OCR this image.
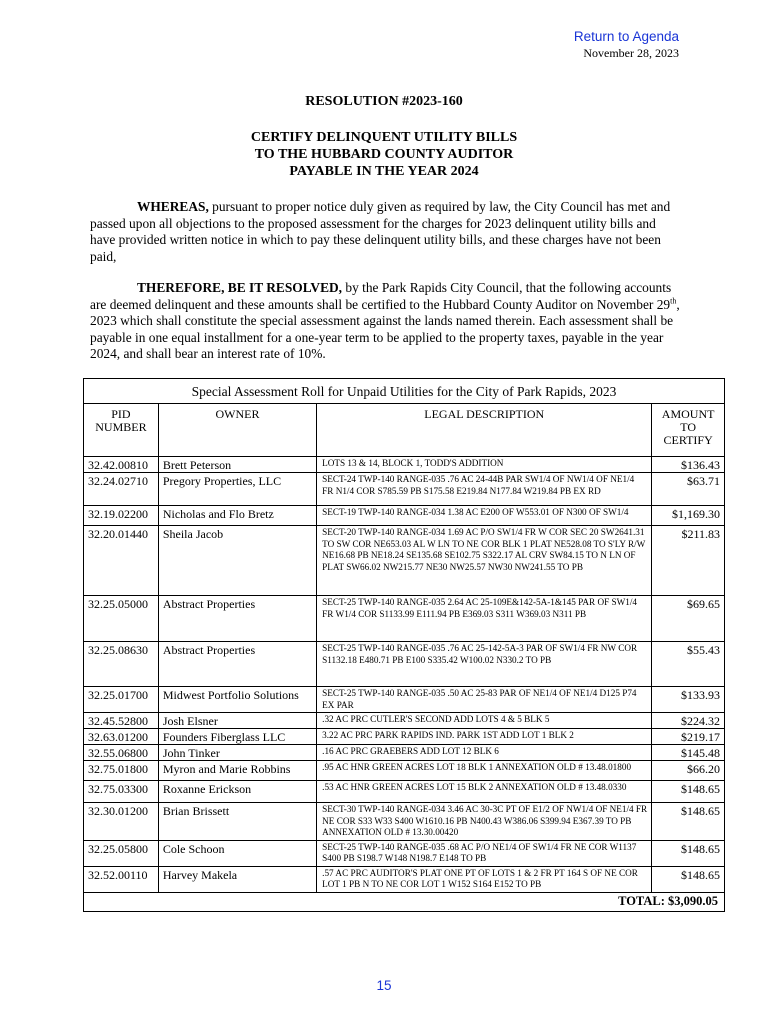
Return to Agenda
November 28, 2023
RESOLUTION #2023-160
CERTIFY DELINQUENT UTILITY BILLS
TO THE HUBBARD COUNTY AUDITOR
PAYABLE IN THE YEAR 2024

WHEREAS, pursuant to proper notice duly given as required by law, the City Council has met and passed upon all objections to the proposed assessment for the charges for 2023 delinquent utility bills and have provided written notice in which to pay these delinquent utility bills, and these charges have not been paid,

THEREFORE, BE IT RESOLVED, by the Park Rapids City Council, that the following accounts are deemed delinquent and these amounts shall be certified to the Hubbard County Auditor on November 29th, 2023 which shall constitute the special assessment against the lands named therein. Each assessment shall be payable in one equal installment for a one-year term to be applied to the property taxes, payable in the year 2024, and shall bear an interest rate of 10%.

Special Assessment Roll for Unpaid Utilities for the City of Park Rapids, 2023			
PID NUMBER	OWNER	LEGAL DESCRIPTION	AMOUNT TO CERTIFY
32.42.00810	Brett Peterson	LOTS 13 & 14, BLOCK 1, TODD'S ADDITION	$136.43
32.24.02710	Pregory Properties, LLC	SECT-24 TWP-140 RANGE-035 .76 AC 24-44B PAR SW1/4 OF NW1/4 OF NE1/4 FR N1/4 COR S785.59 PB S175.58 E219.84 N177.84 W219.84 PB EX RD	$63.71
32.19.02200	Nicholas and Flo Bretz	SECT-19 TWP-140 RANGE-034 1.38 AC E200 OF W553.01 OF N300 OF SW1/4	$1,169.30
32.20.01440	Sheila Jacob	SECT-20 TWP-140 RANGE-034 1.69 AC P/O SW1/4 FR W COR SEC 20 SW2641.31 TO SW COR NE653.03 AL W LN TO NE COR BLK 1 PLAT NE528.08 TO S'LY R/W NE16.68 PB NE18.24 SE135.68 SE102.75 S322.17 AL CRV SW84.15 TO N LN OF PLAT SW66.02 NW215.77 NE30 NW25.57 NW30 NW241.55 TO PB	$211.83
32.25.05000	Abstract Properties	SECT-25 TWP-140 RANGE-035 2.64 AC 25-109E&142-5A-1&145 PAR OF SW1/4 FR W1/4 COR S1133.99 E111.94 PB E369.03 S311 W369.03 N311 PB	$69.65
32.25.08630	Abstract Properties	SECT-25 TWP-140 RANGE-035 .76 AC 25-142-5A-3 PAR OF SW1/4 FR NW COR S1132.18 E480.71 PB E100 S335.42 W100.02 N330.2 TO PB	$55.43
32.25.01700	Midwest Portfolio Solutions	SECT-25 TWP-140 RANGE-035 .50 AC 25-83 PAR OF NE1/4 OF NE1/4 D125 P74 EX PAR	$133.93
32.45.52800	Josh Elsner	.32 AC PRC CUTLER'S SECOND ADD LOTS 4 & 5 BLK 5	$224.32
32.63.01200	Founders Fiberglass LLC	3.22 AC PRC PARK RAPIDS IND. PARK 1ST ADD LOT 1 BLK 2	$219.17
32.55.06800	John Tinker	.16 AC PRC GRAEBERS ADD LOT 12 BLK 6	$145.48
32.75.01800	Myron and Marie Robbins	.95 AC HNR GREEN ACRES LOT 18 BLK 1 ANNEXATION OLD # 13.48.01800	$66.20
32.75.03300	Roxanne Erickson	.53 AC HNR GREEN ACRES LOT 15 BLK 2 ANNEXATION OLD # 13.48.0330	$148.65
32.30.01200	Brian Brissett	SECT-30 TWP-140 RANGE-034 3.46 AC 30-3C PT OF E1/2 OF NW1/4 OF NE1/4 FR NE COR S33 W33 S400 W1610.16 PB N400.43 W386.06 S399.94 E367.39 TO PB ANNEXATION OLD # 13.30.00420	$148.65
32.25.05800	Cole Schoon	SECT-25 TWP-140 RANGE-035 .68 AC P/O NE1/4 OF SW1/4 FR NE COR W1137 S400 PB S198.7 W148 N198.7 E148 TO PB	$148.65
32.52.00110	Harvey Makela	.57 AC PRC AUDITOR'S PLAT ONE PT OF LOTS 1 & 2 FR PT 164 S OF NE COR LOT 1 PB N TO NE COR LOT 1 W152 S164 E152 TO PB	$148.65
TOTAL: $3,090.05			
15
